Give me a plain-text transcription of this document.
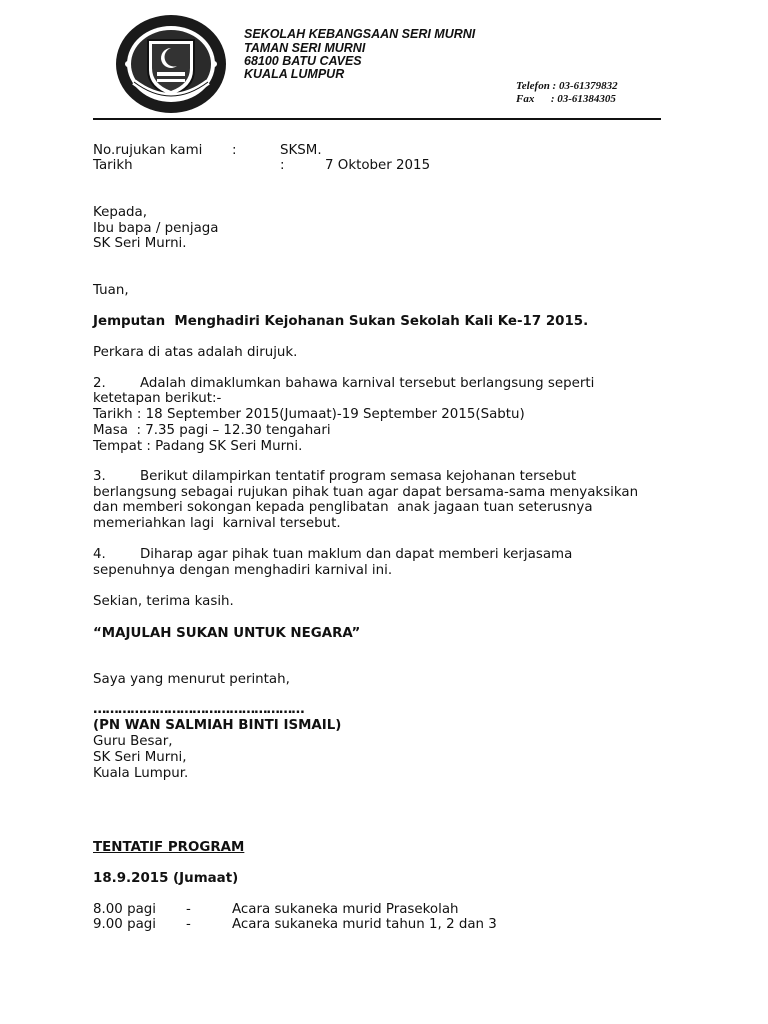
SEKOLAH KEBANGSAAN SERI MURNI
TAMAN SERI MURNI
68100 BATU CAVES
KUALA LUMPUR
Telefon : 03-61379832
Fax      : 03-61384305
No.rujukan kami :	SKSM.
Tarikh	:	7 Oktober 2015
Kepada,
Ibu bapa / penjaga
SK Seri Murni.
Tuan,
Jemputan  Menghadiri Kejohanan Sukan Sekolah Kali Ke-17 2015.
Perkara di atas adalah dirujuk.
2.	Adalah dimaklumkan bahawa karnival tersebut berlangsung seperti
ketetapan berikut:-
Tarikh : 18 September 2015(Jumaat)-19 September 2015(Sabtu)
Masa  : 7.35 pagi – 12.30 tengahari
Tempat : Padang SK Seri Murni.
3.	Berikut dilampirkan tentatif program semasa kejohanan tersebut
berlangsung sebagai rujukan pihak tuan agar dapat bersama-sama menyaksikan
dan memberi sokongan kepada penglibatan  anak jagaan tuan seterusnya
memeriahkan lagi  karnival tersebut.
4.	Diharap agar pihak tuan maklum dan dapat memberi kerjasama
sepenuhnya dengan menghadiri karnival ini.
Sekian, terima kasih.
“MAJULAH SUKAN UNTUK NEGARA”
Saya yang menurut perintah,
……………………………………………
(PN WAN SALMIAH BINTI ISMAIL)
Guru Besar,
SK Seri Murni,
Kuala Lumpur.
TENTATIF PROGRAM
18.9.2015 (Jumaat)
8.00 pagi -	Acara sukaneka murid Prasekolah
9.00 pagi -	Acara sukaneka murid tahun 1, 2 dan 3
